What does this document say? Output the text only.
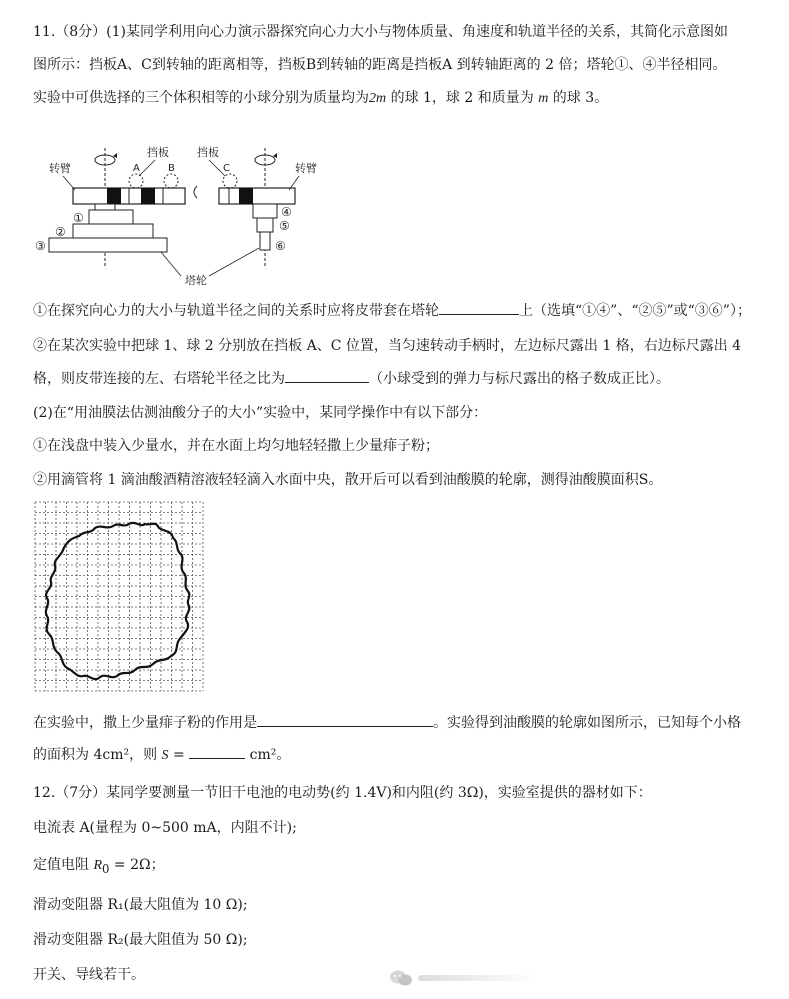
11.（8分）(1)某同学利用向心力演示器探究向心力大小与物体质量、角速度和轨道半径的关系，其简化示意图如
图所示：挡板A、C到转轴的距离相等，挡板B到转轴的距离是挡板A 到转轴距离的 2 倍；塔轮①、④半径相同。
实验中可供选择的三个体积相等的小球分别为质量均为2m 的球 1，球 2 和质量为 m 的球 3。
A	B
挡板
转臂
①
②
③
C
挡板
转臂
④
⑤
⑥
塔轮
①在探究向心力的大小与轨道半径之间的关系时应将皮带套在塔轮	上（选填“①④”、“②⑤”或“③⑥”）；
②在某次实验中把球 1、球 2 分别放在挡板 A、C 位置，当匀速转动手柄时，左边标尺露出 1 格，右边标尺露出 4
格，则皮带连接的左、右塔轮半径之比为	（小球受到的弹力与标尺露出的格子数成正比）。
(2)在“用油膜法估测油酸分子的大小”实验中，某同学操作中有以下部分：
①在浅盘中装入少量水，并在水面上均匀地轻轻撒上少量痱子粉；
②用滴管将 1 滴油酸酒精溶液轻轻滴入水面中央，散开后可以看到油酸膜的轮廓，测得油酸膜面积S。
在实验中，撒上少量痱子粉的作用是	。实验得到油酸膜的轮廓如图所示，已知每个小格
的面积为 4cm²，则 S =	cm²。
12.（7分）某同学要测量一节旧干电池的电动势(约 1.4V)和内阻(约 3Ω)，实验室提供的器材如下：
电流表 A(量程为 0~500 mA，内阻不计);
定值电阻 $R_0 = 2\Omega$；
滑动变阻器 R₁(最大阻值为 10 Ω);
滑动变阻器 R₂(最大阻值为 50 Ω);
开关、导线若干。
